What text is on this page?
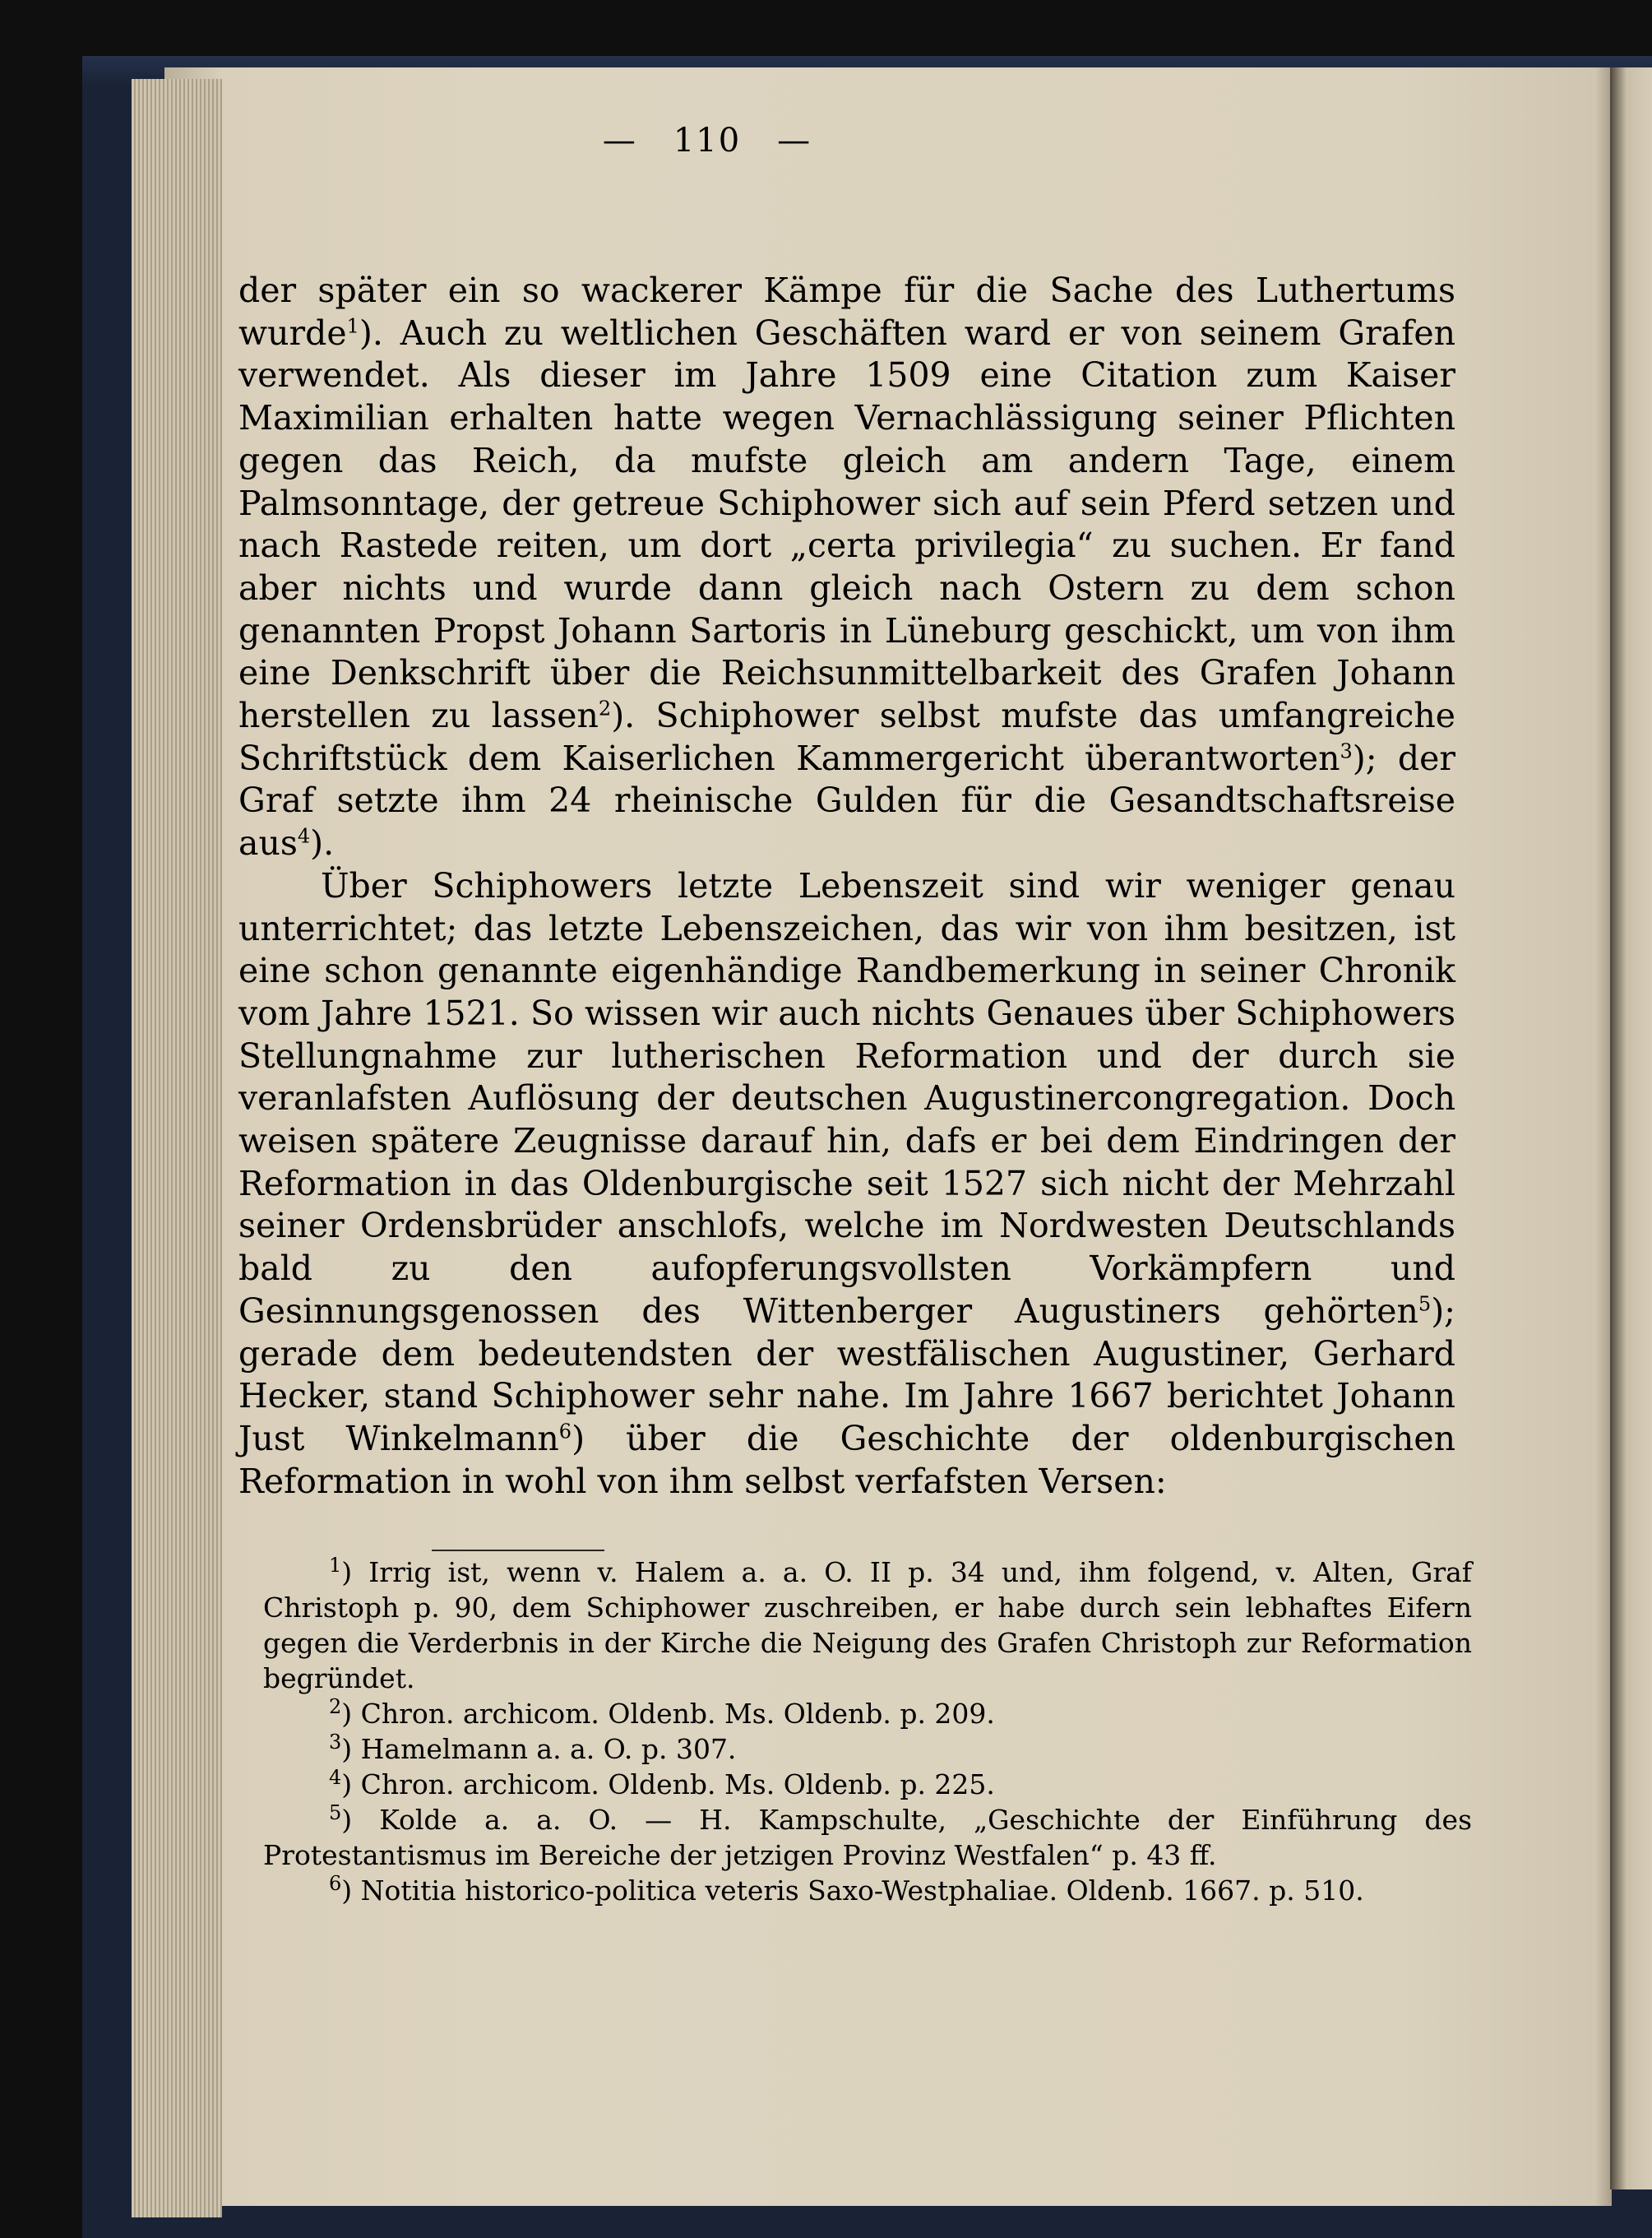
— 110 —

der später ein so wackerer Kämpe für die Sache des Luthertums wurde$^1$). Auch zu weltlichen Geschäften ward er von seinem Grafen verwendet. Als dieser im Jahre 1509 eine Citation zum Kaiser Maximilian erhalten hatte wegen Vernachlässigung seiner Pflichten gegen das Reich, da mufste gleich am andern Tage, einem Palmsonntage, der getreue Schiphower sich auf sein Pferd setzen und nach Rastede reiten, um dort „certa privilegia“ zu suchen. Er fand aber nichts und wurde dann gleich nach Ostern zu dem schon genannten Propst Johann Sartoris in Lüneburg geschickt, um von ihm eine Denkschrift über die Reichsunmittelbarkeit des Grafen Johann herstellen zu lassen$^2$). Schiphower selbst mufste das umfangreiche Schriftstück dem Kaiserlichen Kammergericht überantworten$^3$); der Graf setzte ihm 24 rheinische Gulden für die Gesandtschaftsreise aus$^4$).

Über Schiphowers letzte Lebenszeit sind wir weniger genau unterrichtet; das letzte Lebenszeichen, das wir von ihm besitzen, ist eine schon genannte eigenhändige Randbemerkung in seiner Chronik vom Jahre 1521. So wissen wir auch nichts Genaues über Schiphowers Stellungnahme zur lutherischen Reformation und der durch sie veranlafsten Auflösung der deutschen Augustinercongregation. Doch weisen spätere Zeugnisse darauf hin, dafs er bei dem Eindringen der Reformation in das Oldenburgische seit 1527 sich nicht der Mehrzahl seiner Ordensbrüder anschlofs, welche im Nordwesten Deutschlands bald zu den aufopferungsvollsten Vorkämpfern und Gesinnungsgenossen des Wittenberger Augustiners gehörten$^5$); gerade dem bedeutendsten der westfälischen Augustiner, Gerhard Hecker, stand Schiphower sehr nahe. Im Jahre 1667 berichtet Johann Just Winkelmann$^6$) über die Geschichte der oldenburgischen Reformation in wohl von ihm selbst verfafsten Versen:

$^1$) Irrig ist, wenn v. Halem a. a. O. II p. 34 und, ihm folgend, v. Alten, Graf Christoph p. 90, dem Schiphower zuschreiben, er habe durch sein lebhaftes Eifern gegen die Verderbnis in der Kirche die Neigung des Grafen Christoph zur Reformation begründet.

$^2$) Chron. archicom. Oldenb. Ms. Oldenb. p. 209.

$^3$) Hamelmann a. a. O. p. 307.

$^4$) Chron. archicom. Oldenb. Ms. Oldenb. p. 225.

$^5$) Kolde a. a. O. — H. Kampschulte, „Geschichte der Einführung des Protestantismus im Bereiche der jetzigen Provinz Westfalen“ p. 43 ff.

$^6$) Notitia historico-politica veteris Saxo-Westphaliae. Oldenb. 1667. p. 510.
